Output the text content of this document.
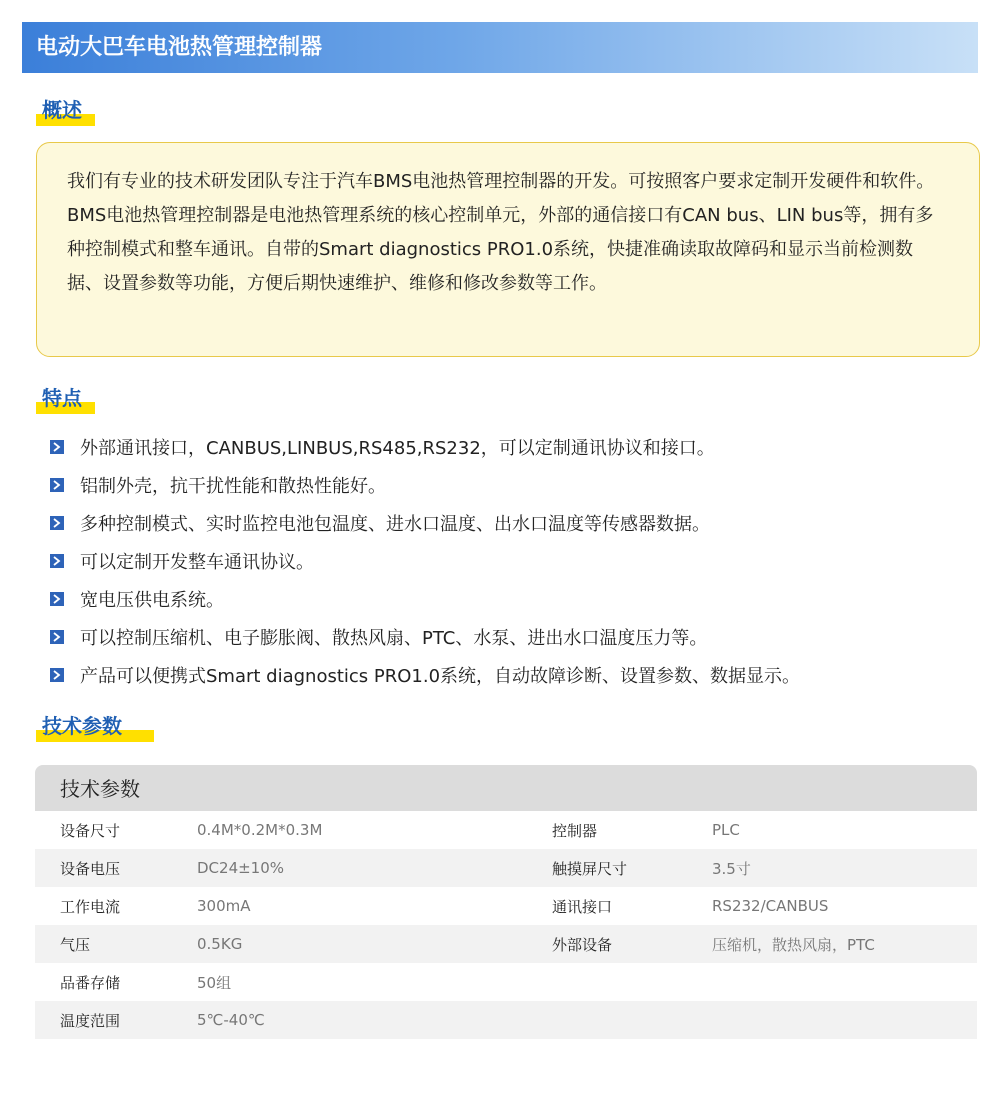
电动大巴车电池热管理控制器
概述

我们有专业的技术研发团队专注于汽车BMS电池热管理控制器的开发。可按照客户要求定制开发硬件和软件。BMS电池热管理控制器是电池热管理系统的核心控制单元，外部的通信接口有CAN bus、LIN bus等，拥有多种控制模式和整车通讯。自带的Smart diagnostics PRO1.0系统，快捷准确读取故障码和显示当前检测数据、设置参数等功能，方便后期快速维护、维修和修改参数等工作。

特点
外部通讯接口，CANBUS,LINBUS,RS485,RS232，可以定制通讯协议和接口。
铝制外壳，抗干扰性能和散热性能好。
多种控制模式、实时监控电池包温度、进水口温度、出水口温度等传感器数据。
可以定制开发整车通讯协议。
宽电压供电系统。
可以控制压缩机、电子膨胀阀、散热风扇、PTC、水泵、进出水口温度压力等。
产品可以便携式Smart diagnostics PRO1.0系统，自动故障诊断、设置参数、数据显示。
技术参数
技术参数
设备尺寸	0.4M*0.2M*0.3M	控制器	PLC
设备电压	DC24±10%	触摸屏尺寸	3.5寸
工作电流	300mA	通讯接口	RS232/CANBUS
气压	0.5KG	外部设备	压缩机，散热风扇，PTC
品番存储	50组
温度范围	5℃-40℃
